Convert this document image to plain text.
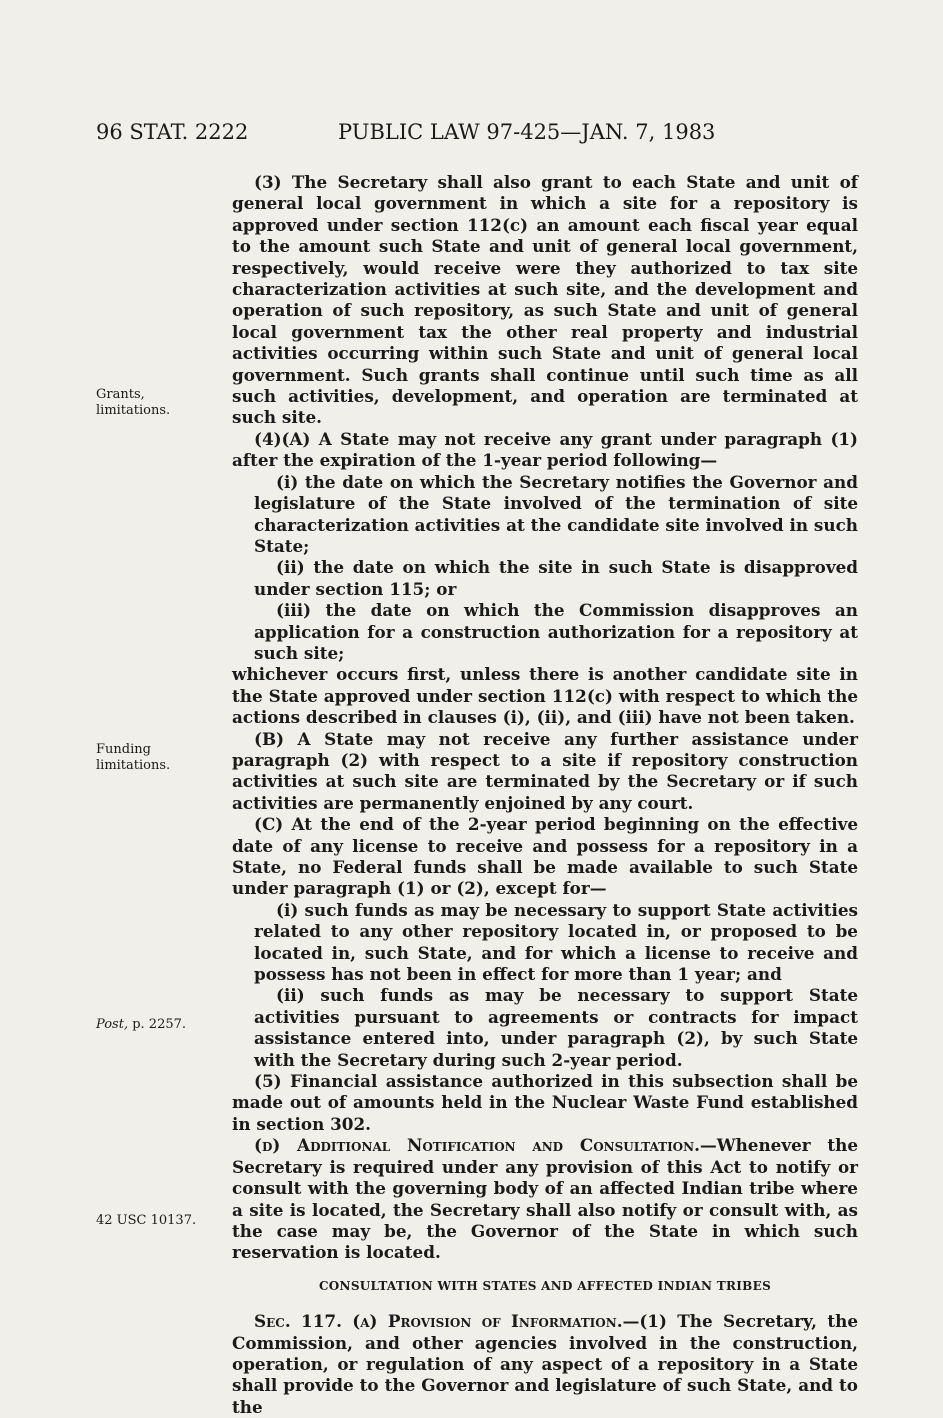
96 STAT. 2222	PUBLIC LAW 97-425—JAN. 7, 1983
Grants,
limitations.
Funding
limitations.
Post, p. 2257.
42 USC 10137.

(3) The Secretary shall also grant to each State and unit of general local government in which a site for a repository is approved under section 112(c) an amount each fiscal year equal to the amount such State and unit of general local government, respectively, would receive were they authorized to tax site characterization activities at such site, and the development and operation of such repository, as such State and unit of general local government tax the other real property and industrial activities occurring within such State and unit of general local government. Such grants shall continue until such time as all such activities, development, and operation are terminated at such site.

(4)(A) A State may not receive any grant under paragraph (1) after the expiration of the 1-year period following—

(i) the date on which the Secretary notifies the Governor and legislature of the State involved of the termination of site characterization activities at the candidate site involved in such State;

(ii) the date on which the site in such State is disapproved under section 115; or

(iii) the date on which the Commission disapproves an application for a construction authorization for a repository at such site;

whichever occurs first, unless there is another candidate site in the State approved under section 112(c) with respect to which the actions described in clauses (i), (ii), and (iii) have not been taken.

(B) A State may not receive any further assistance under paragraph (2) with respect to a site if repository construction activities at such site are terminated by the Secretary or if such activities are permanently enjoined by any court.

(C) At the end of the 2-year period beginning on the effective date of any license to receive and possess for a repository in a State, no Federal funds shall be made available to such State under paragraph (1) or (2), except for—

(i) such funds as may be necessary to support State activities related to any other repository located in, or proposed to be located in, such State, and for which a license to receive and possess has not been in effect for more than 1 year; and

(ii) such funds as may be necessary to support State activities pursuant to agreements or contracts for impact assistance entered into, under paragraph (2), by such State with the Secretary during such 2-year period.

(5) Financial assistance authorized in this subsection shall be made out of amounts held in the Nuclear Waste Fund established in section 302.

(d) Additional Notification and Consultation.—Whenever the Secretary is required under any provision of this Act to notify or consult with the governing body of an affected Indian tribe where a site is located, the Secretary shall also notify or consult with, as the case may be, the Governor of the State in which such reservation is located.

CONSULTATION WITH STATES AND AFFECTED INDIAN TRIBES

Sec. 117. (a) Provision of Information.—(1) The Secretary, the Commission, and other agencies involved in the construction, operation, or regulation of any aspect of a repository in a State shall provide to the Governor and legislature of such State, and to the
